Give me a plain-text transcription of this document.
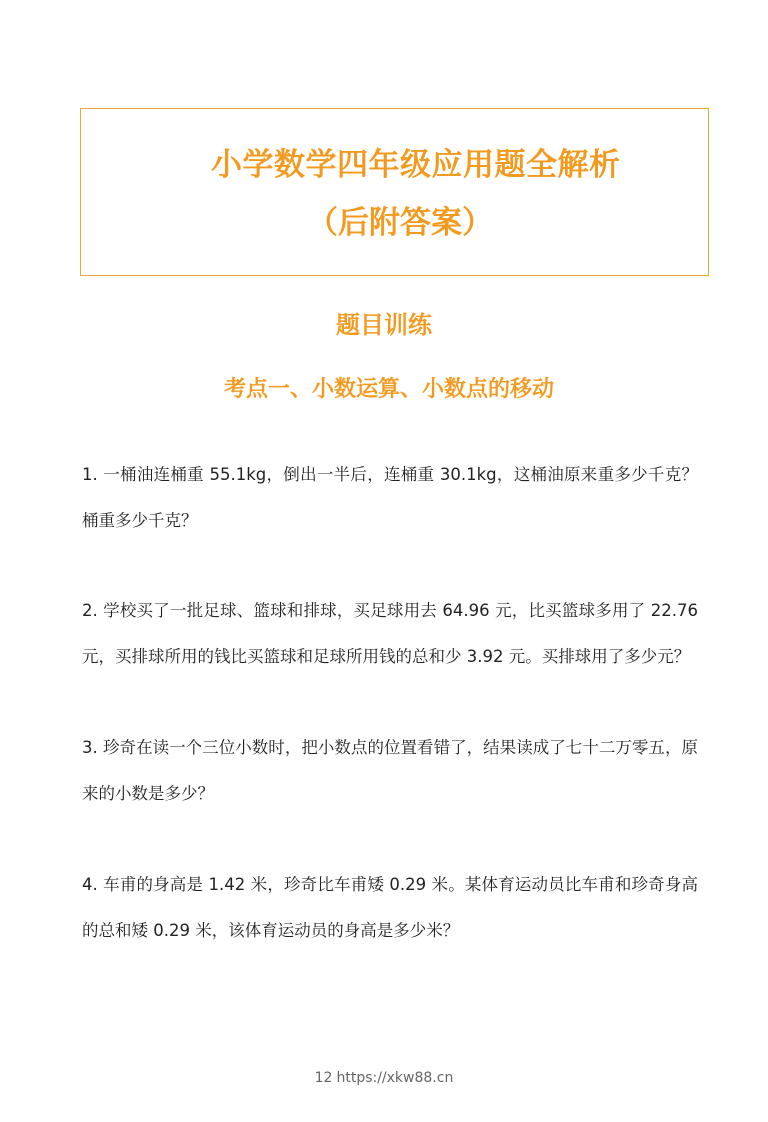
小学数学四年级应用题全解析
（后附答案）
题目训练
考点一、小数运算、小数点的移动

1. 一桶油连桶重 55.1kg，倒出一半后，连桶重 30.1kg，这桶油原来重多少千克？桶重多少千克？

2. 学校买了一批足球、篮球和排球，买足球用去 64.96 元，比买篮球多用了 22.76 元，买排球所用的钱比买篮球和足球所用钱的总和少 3.92 元。买排球用了多少元？

3. 珍奇在读一个三位小数时，把小数点的位置看错了，结果读成了七十二万零五，原来的小数是多少？

4. 车甫的身高是 1.42 米，珍奇比车甫矮 0.29 米。某体育运动员比车甫和珍奇身高的总和矮 0.29 米，该体育运动员的身高是多少米？

12 https://xkw88.cn
